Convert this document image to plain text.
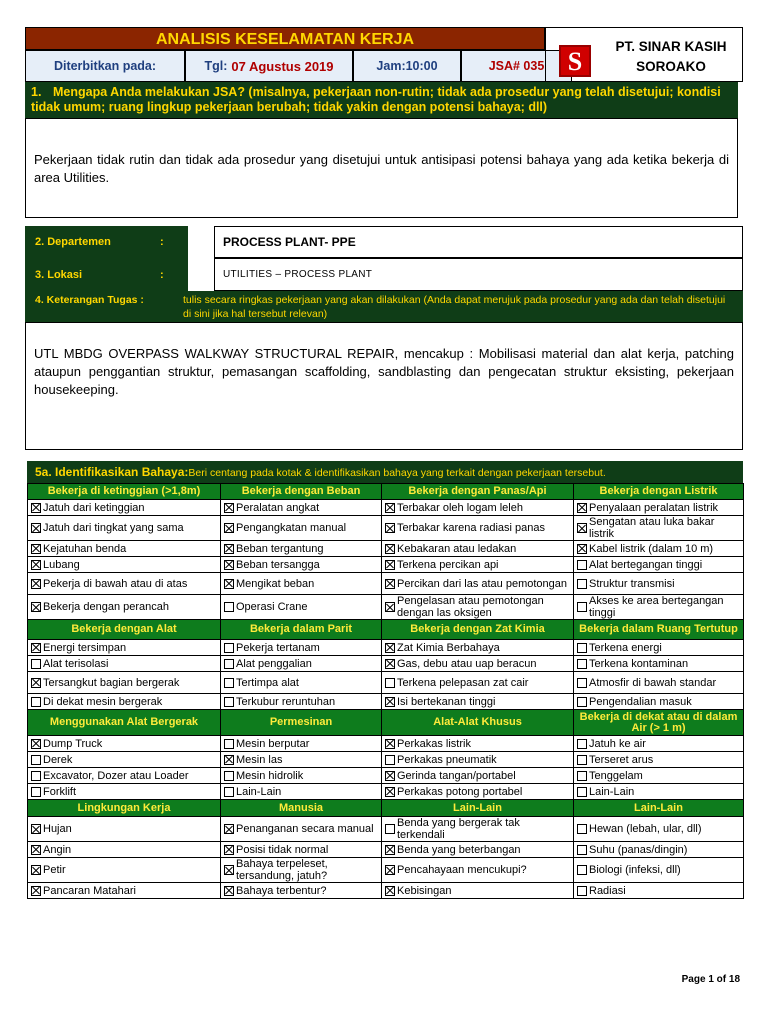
ANALISIS KESELAMATAN KERJA
Diterbitkan pada:	Tgl: 07 Agustus 2019	Jam:10:00	JSA# 035 S
PT. SINAR KASIH
SOROAKO
1. Mengapa Anda melakukan JSA? (misalnya, pekerjaan non-rutin; tidak ada prosedur yang telah disetujui; kondisi tidak umum; ruang lingkup pekerjaan berubah; tidak yakin dengan potensi bahaya; dll)
Pekerjaan tidak rutin dan tidak ada prosedur yang disetujui untuk antisipasi potensi bahaya yang ada ketika bekerja di area Utilities.
2. Departemen	:	PROCESS PLANT- PPE
3. Lokasi	:	UTILITIES – PROCESS PLANT
4. Keterangan Tugas :	tulis secara ringkas pekerjaan yang akan dilakukan (Anda dapat merujuk pada prosedur yang ada dan telah disetujui di sini jika hal tersebut relevan)
UTL MBDG OVERPASS WALKWAY STRUCTURAL REPAIR, mencakup : Mobilisasi material dan alat kerja, patching ataupun penggantian struktur, pemasangan scaffolding, sandblasting dan pengecatan struktur eksisting, pekerjaan housekeeping.
5a. Identifikasikan Bahaya:Beri centang pada kotak & identifikasikan bahaya yang terkait dengan pekerjaan tersebut.
Bekerja di ketinggian (>1,8m)	Bekerja dengan Beban	Bekerja dengan Panas/Api	Bekerja dengan Listrik

Jatuh dari ketinggian	Peralatan angkat	Terbakar oleh logam leleh	Penyalaan peralatan listrik

Jatuh dari tingkat yang sama	Pengangkatan manual	Terbakar karena radiasi panas	Sengatan atau luka bakar listrik

Kejatuhan benda	Beban tergantung	Kebakaran atau ledakan	Kabel listrik (dalam 10 m)

Lubang	Beban tersangga	Terkena percikan api	Alat bertegangan tinggi

Pekerja di bawah atau di atas	Mengikat beban	Percikan dari las atau pemotongan	Struktur transmisi

Bekerja dengan perancah	Operasi Crane	Pengelasan atau pemotongan dengan las oksigen	Akses ke area bertegangan tinggi

Bekerja dengan Alat	Bekerja dalam Parit	Bekerja dengan Zat Kimia	Bekerja dalam Ruang Tertutup

Energi tersimpan	Pekerja tertanam	Zat Kimia Berbahaya	Terkena energi

Alat terisolasi	Alat penggalian	Gas, debu atau uap beracun	Terkena kontaminan

Tersangkut bagian bergerak	Tertimpa alat	Terkena pelepasan zat cair	Atmosfir di bawah standar

Di dekat mesin bergerak	Terkubur reruntuhan	Isi bertekanan tinggi	Pengendalian masuk

Menggunakan Alat Bergerak	Permesinan	Alat-Alat Khusus	Bekerja di dekat atau di dalam Air (> 1 m)

Dump Truck	Mesin berputar	Perkakas listrik	Jatuh ke air

Derek	Mesin las	Perkakas pneumatik	Terseret arus

Excavator, Dozer atau Loader	Mesin hidrolik	Gerinda tangan/portabel	Tenggelam

Forklift	Lain-Lain	Perkakas potong portabel	Lain-Lain

Lingkungan Kerja	Manusia	Lain-Lain	Lain-Lain

Hujan	Penanganan secara manual	Benda yang bergerak tak terkendali	Hewan (lebah, ular, dll)

Angin	Posisi tidak normal	Benda yang beterbangan	Suhu (panas/dingin)

Petir	Bahaya terpeleset, tersandung, jatuh?	Pencahayaan mencukupi?	Biologi (infeksi, dll)

Pancaran Matahari	Bahaya terbentur?	Kebisingan	Radiasi
Page 1 of 18
